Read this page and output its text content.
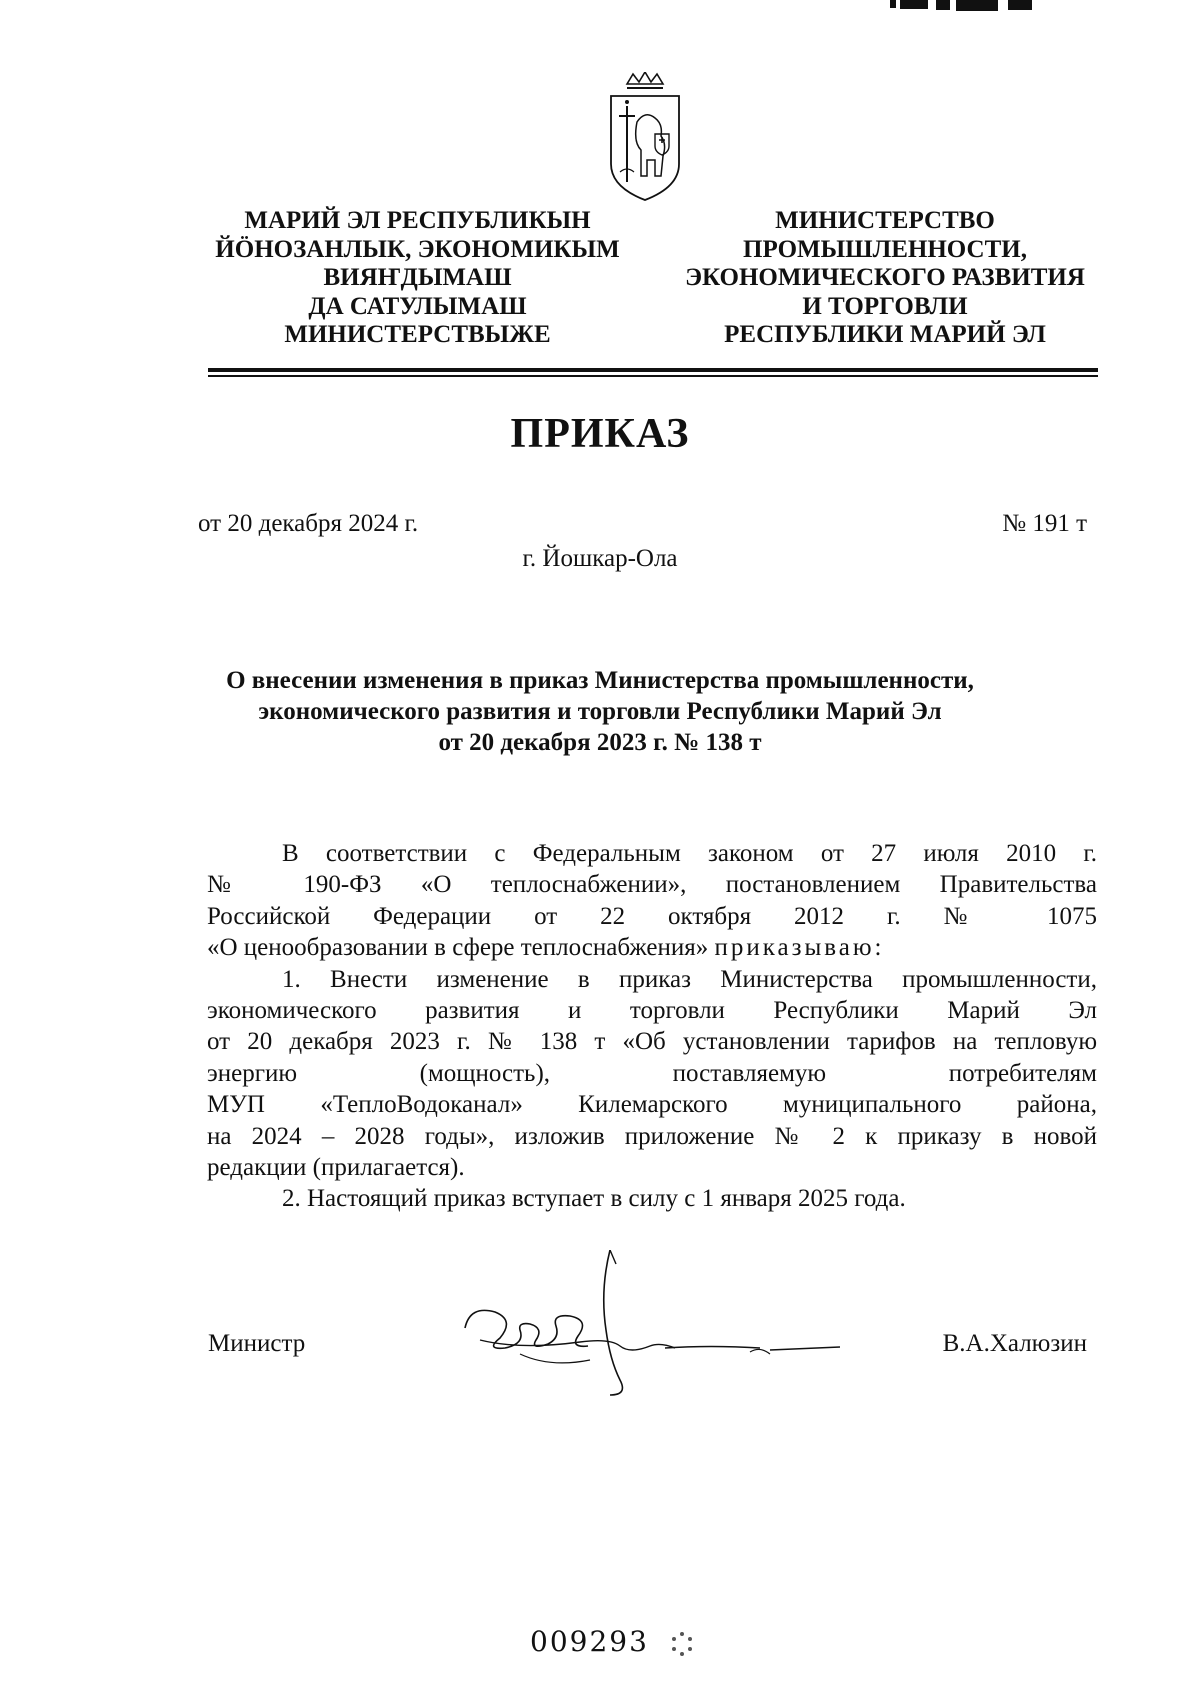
МАРИЙ ЭЛ РЕСПУБЛИКЫН
ЙӦНОЗАНЛЫК, ЭКОНОМИКЫМ
ВИЯҤДЫМАШ
ДА САТУЛЫМАШ
МИНИСТЕРСТВЫЖЕ
МИНИСТЕРСТВО
ПРОМЫШЛЕННОСТИ,
ЭКОНОМИЧЕСКОГО РАЗВИТИЯ
И ТОРГОВЛИ
РЕСПУБЛИКИ МАРИЙ ЭЛ
ПРИКАЗ
от 20 декабря 2024 г.	№ 191 т
г. Йошкар-Ола
О внесении изменения в приказ Министерства промышленности,
экономического развития и торговли Республики Марий Эл
от 20 декабря 2023 г. № 138 т
В соответствии с Федеральным законом от 27 июля 2010 г.
№ 190-ФЗ «О теплоснабжении», постановлением Правительства
Российской Федерации от 22 октября 2012 г. № 1075
«О ценообразовании в сфере теплоснабжения» приказываю:
1. Внести изменение в приказ Министерства промышленности,
экономического развития и торговли Республики Марий Эл
от 20 декабря 2023 г. № 138 т «Об установлении тарифов на тепловую
энергию (мощность), поставляемую потребителям
МУП «ТеплоВодоканал» Килемарского муниципального района,
на 2024 – 2028 годы», изложив приложение № 2 к приказу в новой
редакции (прилагается).
2. Настоящий приказ вступает в силу с 1 января 2025 года.
Министр	В.А.Халюзин
009293
